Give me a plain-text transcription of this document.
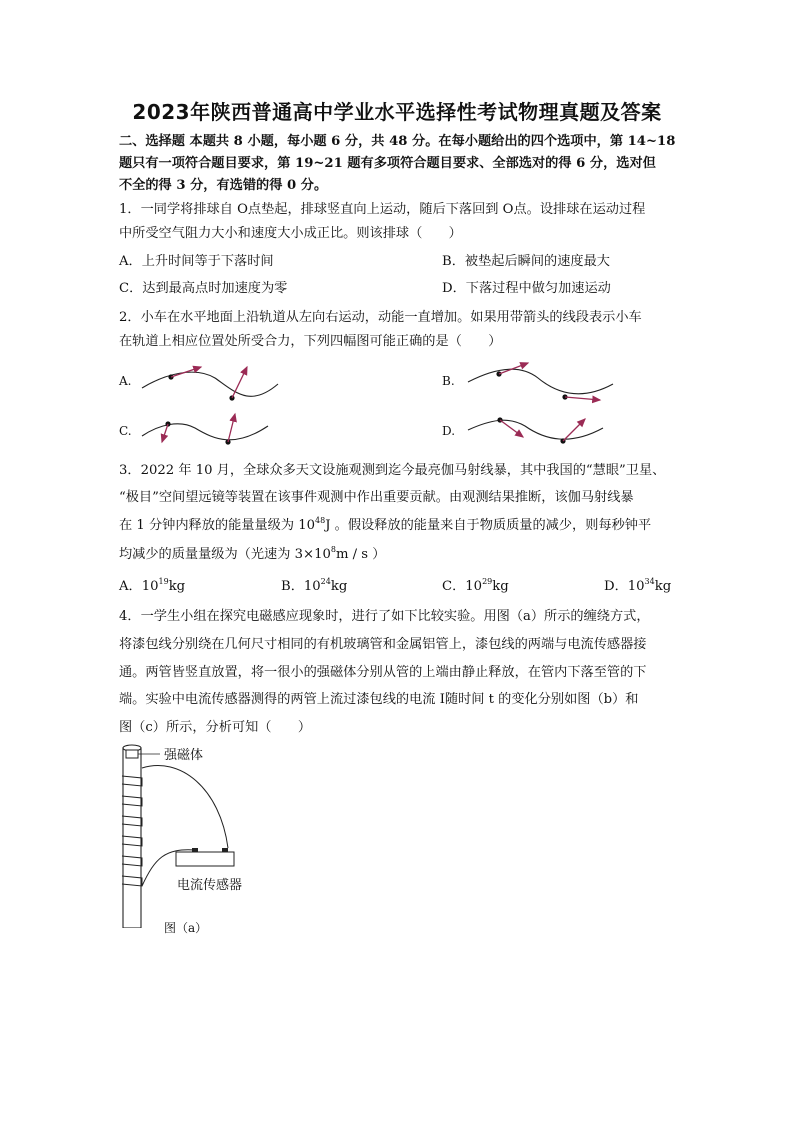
2023年陕西普通高中学业水平选择性考试物理真题及答案
二、选择题 本题共 8 小题，每小题 6 分，共 48 分。在每小题给出的四个选项中，第 14~18
题只有一项符合题目要求，第 19~21 题有多项符合题目要求、全部选对的得 6 分，选对但
不全的得 3 分，有选错的得 0 分。
1．一同学将排球自 O点垫起，排球竖直向上运动，随后下落回到 O点。设排球在运动过程
中所受空气阻力大小和速度大小成正比。则该排球（　　）
A．上升时间等于下落时间	B．被垫起后瞬间的速度最大
C．达到最高点时加速度为零	D．下落过程中做匀加速运动
2．小车在水平地面上沿轨道从左向右运动，动能一直增加。如果用带箭头的线段表示小车
在轨道上相应位置处所受合力，下列四幅图可能正确的是（　　）
A.	B.
C.	D.
3．2022 年 10 月，全球众多天文设施观测到迄今最亮伽马射线暴，其中我国的“慧眼”卫星、
“极目”空间望远镜等装置在该事件观测中作出重要贡献。由观测结果推断，该伽马射线暴
在 1 分钟内释放的能量量级为 $10^{48}J$ 。假设释放的能量来自于物质质量的减少，则每秒钟平
均减少的质量量级为（光速为 $3\times 10^8m / s$ ）
A．$10^{19}kg$	B．$10^{24}kg$	C．$10^{29}kg$	D．$10^{34}kg$
4．一学生小组在探究电磁感应现象时，进行了如下比较实验。用图（a）所示的缠绕方式，
将漆包线分别绕在几何尺寸相同的有机玻璃管和金属铝管上，漆包线的两端与电流传感器接
通。两管皆竖直放置，将一很小的强磁体分别从管的上端由静止释放，在管内下落至管的下
端。实验中电流传感器测得的两管上流过漆包线的电流 I随时间 t 的变化分别如图（b）和
图（c）所示，分析可知（　　）
强磁体
电流传感器
图（a）
